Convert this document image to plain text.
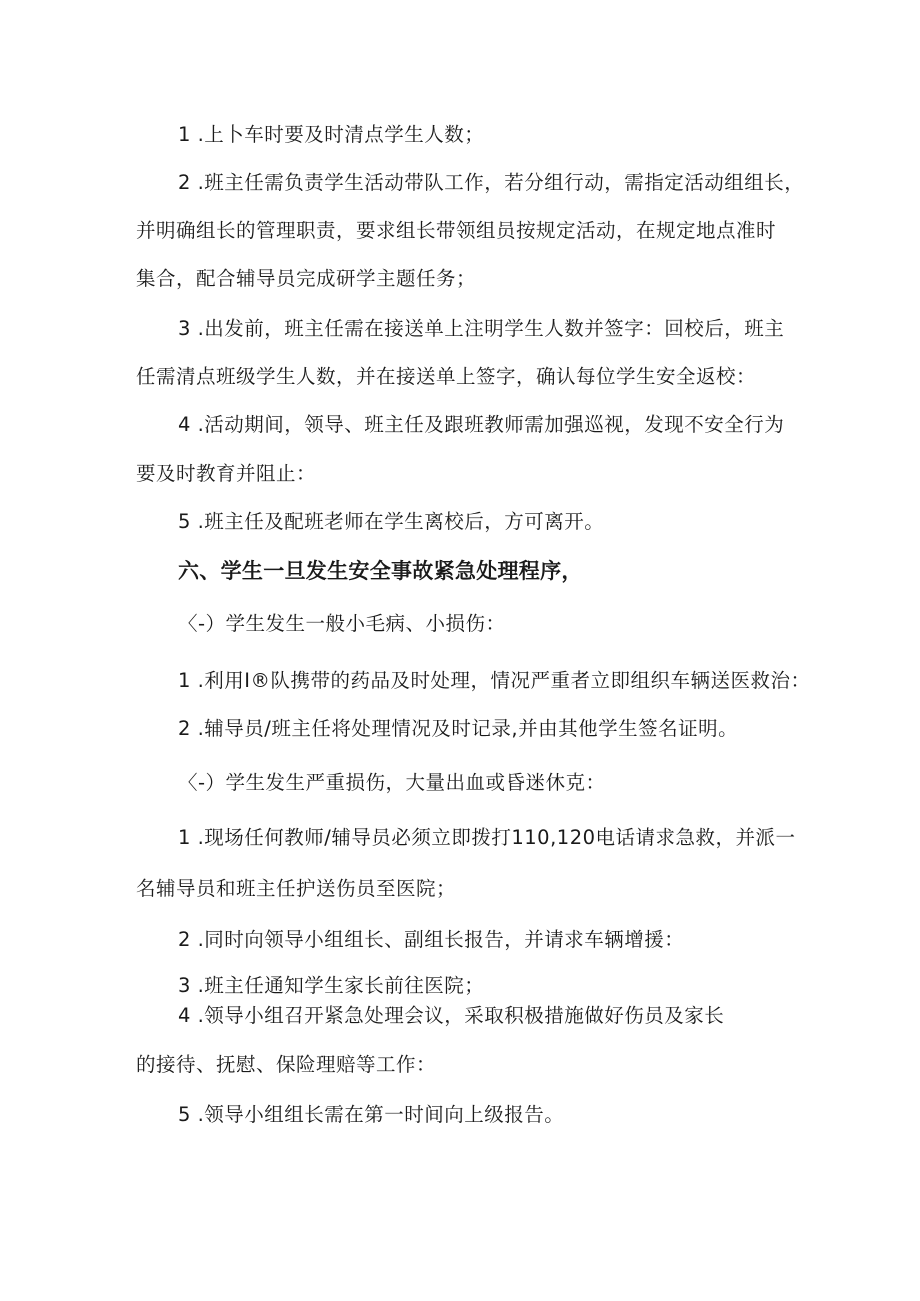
1 .上卜车时要及时清点学生人数；
2 .班主任需负责学生活动带队工作，若分组行动，需指定活动组组长，
并明确组长的管理职责，要求组长带领组员按规定活动，在规定地点准时
集合，配合辅导员完成研学主题任务；
3 .出发前，班主任需在接送单上注明学生人数并签字：回校后，班主
任需清点班级学生人数，并在接送单上签字，确认每位学生安全返校：
4 .活动期间，领导、班主任及跟班教师需加强巡视，发现不安全行为
要及时教育并阻止：
5 .班主任及配班老师在学生离校后，方可离开。
六、学生一旦发生安全事故紧急处理程序，
〈-）学生发生一般小毛病、小损伤：
1 .利用I®队携带的药品及时处理，情况严重者立即组织车辆送医救治：
2 .辅导员/班主任将处理情况及时记录,并由其他学生签名证明。
〈-）学生发生严重损伤，大量出血或昏迷休克：
1 .现场任何教师/辅导员必须立即拨打110,120电话请求急救，并派一
名辅导员和班主任护送伤员至医院；
2 .同时向领导小组组长、副组长报告，并请求车辆增援：
3 .班主任通知学生家长前往医院；
4 .领导小组召开紧急处理会议，采取积极措施做好伤员及家长
的接待、抚慰、保险理赔等工作：
5 .领导小组组长需在第一时间向上级报告。
